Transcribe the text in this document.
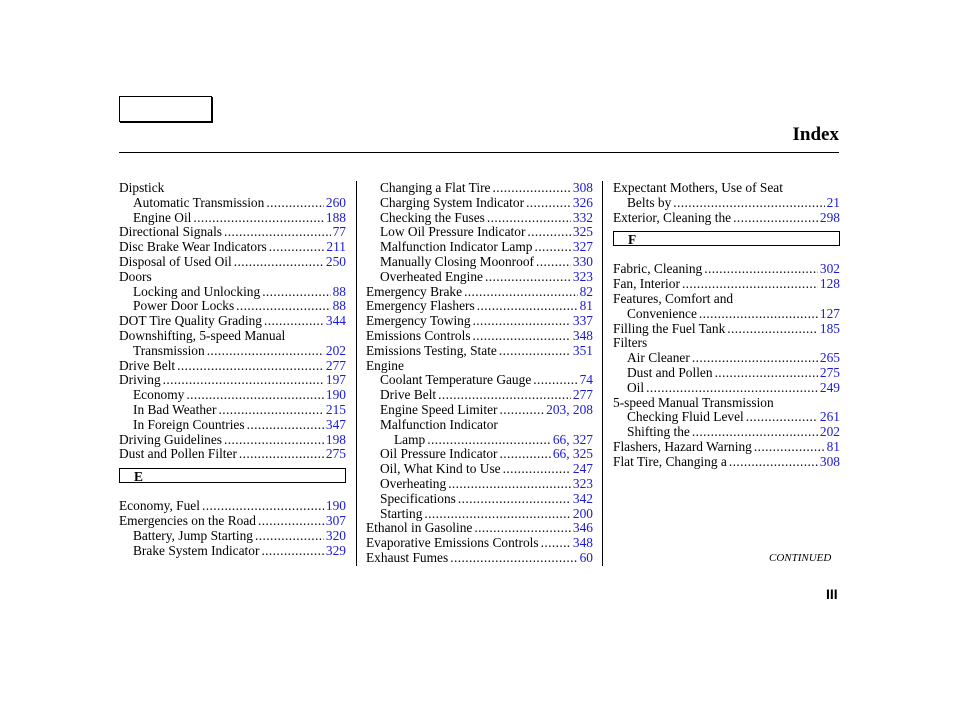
Index
Dipstick
Automatic Transmission .....	260
Engine Oil .....	188
Directional Signals .....	77
Disc Brake Wear Indicators .....	211
Disposal of Used Oil .....	250
Doors
Locking and Unlocking .....	88
Power Door Locks .....	88
DOT Tire Quality Grading .....	344
Downshifting, 5-speed Manual
Transmission .....	202
Drive Belt .....	277
Driving .....	197
Economy .....	190
In Bad Weather .....	215
In Foreign Countries .....	347
Driving Guidelines .....	198
Dust and Pollen Filter .....	275
E
Economy, Fuel .....	190
Emergencies on the Road .....	307
Battery, Jump Starting .....	320
Brake System Indicator .....	329
Changing a Flat Tire .....	308
Charging System Indicator .....	326
Checking the Fuses .....	332
Low Oil Pressure Indicator .....	325
Malfunction Indicator Lamp .....	327
Manually Closing Moonroof .....	330
Overheated Engine .....	323
Emergency Brake .....	82
Emergency Flashers .....	81
Emergency Towing .....	337
Emissions Controls .....	348
Emissions Testing, State .....	351
Engine
Coolant Temperature Gauge .....	74
Drive Belt .....	277
Engine Speed Limiter .....	203, 208
Malfunction Indicator
Lamp .....	66, 327
Oil Pressure Indicator .....	66, 325
Oil, What Kind to Use .....	247
Overheating .....	323
Specifications .....	342
Starting .....	200
Ethanol in Gasoline .....	346
Evaporative Emissions Controls .....	348
Exhaust Fumes .....	60
Expectant Mothers, Use of Seat
Belts by .....	21
Exterior, Cleaning the .....	298
F
Fabric, Cleaning .....	302
Fan, Interior .....	128
Features, Comfort and
Convenience .....	127
Filling the Fuel Tank .....	185
Filters
Air Cleaner .....	265
Dust and Pollen .....	275
Oil .....	249
5-speed Manual Transmission
Checking Fluid Level .....	261
Shifting the .....	202
Flashers, Hazard Warning .....	81
Flat Tire, Changing a .....	308
CONTINUED
III
